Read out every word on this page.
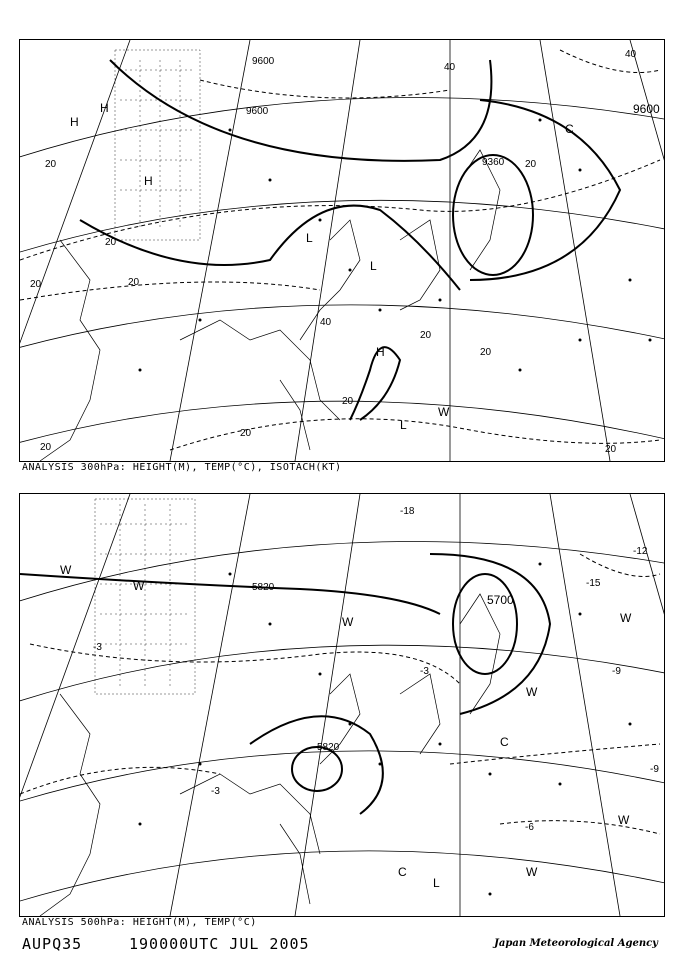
9600
9600	9600
9360
20
20
20	20
20
20
20
20
20
20
20
40
40
40
H
H
H
L
L
H
L
C
W
ANALYSIS 300hPa: HEIGHT(M), TEMP(°C), ISOTACH(KT)
5820
5700
5820
-3
-3
-6
-9
-9
-12
-15
-18
-3
W
W
W	W
W
C
L
C	W
W
ANALYSIS 500hPa: HEIGHT(M), TEMP(°C)
AUPQ35	190000UTC JUL 2005	Japan Meteorological Agency
